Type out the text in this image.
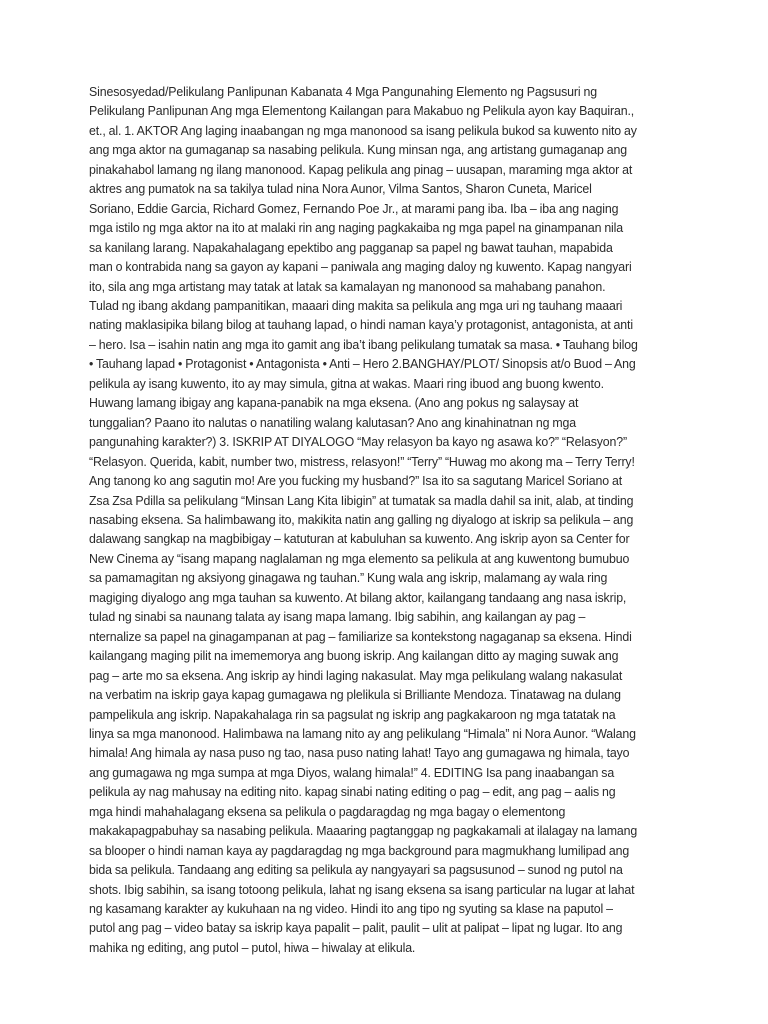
Sinesosyedad/Pelikulang Panlipunan Kabanata 4 Mga Pangunahing Elemento ng Pagsusuri ng Pelikulang Panlipunan Ang mga Elementong Kailangan para Makabuo ng Pelikula ayon kay Baquiran., et., al. 1. AKTOR Ang laging inaabangan ng mga manonood sa isang pelikula bukod sa kuwento nito ay ang mga aktor na gumaganap sa nasabing pelikula. Kung minsan nga, ang artistang gumaganap ang pinakahabol lamang ng ilang manonood. Kapag pelikula ang pinag – uusapan, maraming mga aktor at aktres ang pumatok na sa takilya tulad nina Nora Aunor, Vilma Santos, Sharon Cuneta, Maricel Soriano, Eddie Garcia, Richard Gomez, Fernando Poe Jr., at marami pang iba. Iba – iba ang naging mga istilo ng mga aktor na ito at malaki rin ang naging pagkakaiba ng mga papel na ginampanan nila sa kanilang larang. Napakahalagang epektibo ang pagganap sa papel ng bawat tauhan, mapabida man o kontrabida nang sa gayon ay kapani – paniwala ang maging daloy ng kuwento. Kapag nangyari ito, sila ang mga artistang may tatak at latak sa kamalayan ng manonood sa mahabang panahon. Tulad ng ibang akdang pampanitikan, maaari ding makita sa pelikula ang mga uri ng tauhang maaari nating maklasipika bilang bilog at tauhang lapad, o hindi naman kaya’y protagonist, antagonista, at anti – hero. Isa – isahin natin ang mga ito gamit ang iba’t ibang pelikulang tumatak sa masa. • Tauhang bilog • Tauhang lapad • Protagonist • Antagonista • Anti – Hero 2.BANGHAY/PLOT/ Sinopsis at/o Buod – Ang pelikula ay isang kuwento, ito ay may simula, gitna at wakas. Maari ring ibuod ang buong kwento. Huwang lamang ibigay ang kapana-panabik na mga eksena. (Ano ang pokus ng salaysay at tunggalian? Paano ito nalutas o nanatiling walang kalutasan? Ano ang kinahinatnan ng mga pangunahing karakter?) 3. ISKRIP AT DIYALOGO “May relasyon ba kayo ng asawa ko?” “Relasyon?” “Relasyon. Querida, kabit, number two, mistress, relasyon!” “Terry” “Huwag mo akong ma – Terry Terry! Ang tanong ko ang sagutin mo! Are you fucking my husband?” Isa ito sa sagutang Maricel Soriano at Zsa Zsa Pdilla sa pelikulang “Minsan Lang Kita Iibigin” at tumatak sa madla dahil sa init, alab, at tinding nasabing eksena. Sa halimbawang ito, makikita natin ang galling ng diyalogo at iskrip sa pelikula – ang dalawang sangkap na magbibigay – katuturan at kabuluhan sa kuwento. Ang iskrip ayon sa Center for New Cinema ay “isang mapang naglalaman ng mga elemento sa pelikula at ang kuwentong bumubuo sa pamamagitan ng aksiyong ginagawa ng tauhan.” Kung wala ang iskrip, malamang ay wala ring magiging diyalogo ang mga tauhan sa kuwento. At bilang aktor, kailangang tandaang ang nasa iskrip, tulad ng sinabi sa naunang talata ay isang mapa lamang. Ibig sabihin, ang kailangan ay pag – nternalize sa papel na ginagampanan at pag – familiarize sa kontekstong nagaganap sa eksena. Hindi kailangang maging pilit na imememorya ang buong iskrip. Ang kailangan ditto ay maging suwak ang pag – arte mo sa eksena. Ang iskrip ay hindi laging nakasulat. May mga pelikulang walang nakasulat na verbatim na iskrip gaya kapag gumagawa ng plelikula si Brilliante Mendoza. Tinatawag na dulang pampelikula ang iskrip. Napakahalaga rin sa pagsulat ng iskrip ang pagkakaroon ng mga tatatak na linya sa mga manonood. Halimbawa na lamang nito ay ang pelikulang “Himala” ni Nora Aunor. “Walang himala! Ang himala ay nasa puso ng tao, nasa puso nating lahat! Tayo ang gumagawa ng himala, tayo ang gumagawa ng mga sumpa at mga Diyos, walang himala!” 4. EDITING Isa pang inaabangan sa pelikula ay nag mahusay na editing nito. kapag sinabi nating editing o pag – edit, ang pag – aalis ng mga hindi mahahalagang eksena sa pelikula o pagdaragdag ng mga bagay o elementong makakapagpabuhay sa nasabing pelikula. Maaaring pagtanggap ng pagkakamali at ilalagay na lamang sa blooper o hindi naman kaya ay pagdaragdag ng mga background para magmukhang lumilipad ang bida sa pelikula. Tandaang ang editing sa pelikula ay nangyayari sa pagsusunod – sunod ng putol na shots. Ibig sabihin, sa isang totoong pelikula, lahat ng isang eksena sa isang particular na lugar at lahat ng kasamang karakter ay kukuhaan na ng video. Hindi ito ang tipo ng syuting sa klase na paputol – putol ang pag – video batay sa iskrip kaya papalit – palit, paulit – ulit at palipat – lipat ng lugar. Ito ang mahika ng editing, ang putol – putol, hiwa – hiwalay at elikula.
